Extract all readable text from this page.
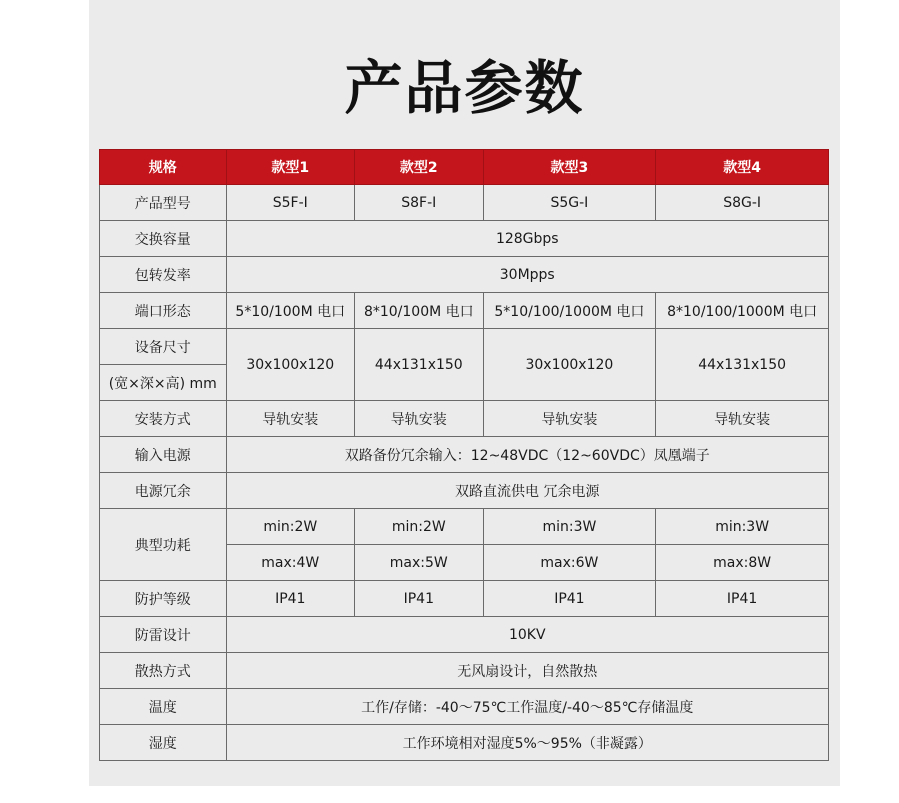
产品参数
规格	款型1	款型2	款型3	款型4
产品型号	S5F-I	S8F-I	S5G-I	S8G-I
交换容量	128Gbps			
包转发率	30Mpps			
端口形态	5*10/100M 电口	8*10/100M 电口	5*10/100/1000M 电口	8*10/100/1000M 电口
设备尺寸	30x100x120	44x131x150	30x100x120	44x131x150
(宽×深×高) mm				
安装方式	导轨安装	导轨安装	导轨安装	导轨安装
输入电源	双路备份冗余输入：12~48VDC（12~60VDC）凤凰端子			
电源冗余	双路直流供电 冗余电源			
典型功耗	min:2W	min:2W	min:3W	min:3W
	max:4W	max:5W	max:6W	max:8W
防护等级	IP41	IP41	IP41	IP41
防雷设计	10KV			
散热方式	无风扇设计，自然散热			
温度	工作/存储：-40～75℃工作温度/-40～85℃存储温度			
湿度	工作环境相对湿度5%～95%（非凝露）			
